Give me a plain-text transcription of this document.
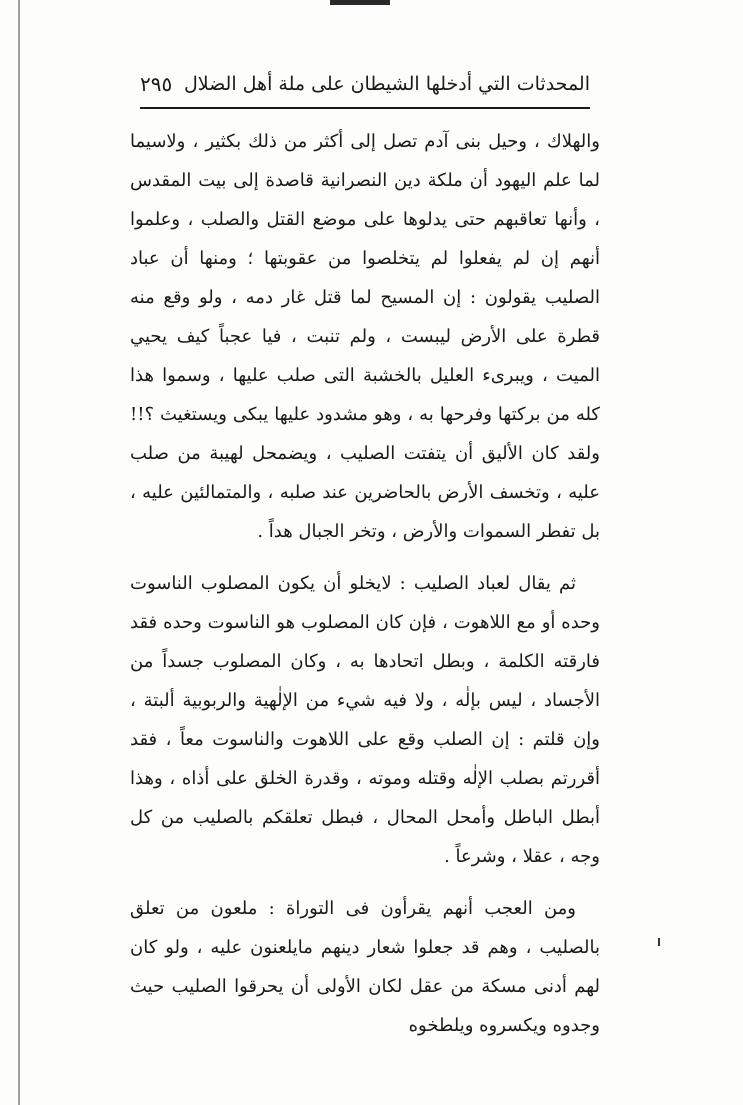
المحدثات التي أدخلها الشيطان على ملة أهل الضلال
٢٩٥

والهلاك ، وحيل بنى آدم تصل إلى أكثر من ذلك بكثير ، ولاسيما لما علم اليهود أن ملكة دين النصرانية قاصدة إلى بيت المقدس ، وأنها تعاقبهم حتى يدلوها على موضع القتل والصلب ، وعلموا أنهم إن لم يفعلوا لم يتخلصوا من عقوبتها ؛ ومنها أن عباد الصليب يقولون : إن المسيح لما قتل غار دمه ، ولو وقع منه قطرة على الأرض ليبست ، ولم تنبت ، فيا عجباً كيف يحيي الميت ، ويبرىء العليل بالخشبة التى صلب عليها ، وسموا هذا كله من بركتها وفرحها به ، وهو مشدود عليها يبكى ويستغيث ؟!! ولقد كان الأليق أن يتفتت الصليب ، ويضمحل لهيبة من صلب عليه ، وتخسف الأرض بالحاضرين عند صلبه ، والمتمالئين عليه ، بل تفطر السموات والأرض ، وتخر الجبال هداً .

ثم يقال لعباد الصليب : لايخلو أن يكون المصلوب الناسوت وحده أو مع اللاهوت ، فإن كان المصلوب هو الناسوت وحده فقد فارقته الكلمة ، وبطل اتحادها به ، وكان المصلوب جسداً من الأجساد ، ليس بإلٰه ، ولا فيه شيء من الإلٰهية والربوبية ألبتة ، وإن قلتم : إن الصلب وقع على اللاهوت والناسوت معاً ، فقد أقررتم بصلب الإلٰه وقتله وموته ، وقدرة الخلق على أذاه ، وهذا أبطل الباطل وأمحل المحال ، فبطل تعلقكم بالصليب من كل وجه ، عقلا ، وشرعاً .

ومن العجب أنهم يقرأون فى التوراة : ملعون من تعلق بالصليب ، وهم قد جعلوا شعار دينهم مايلعنون عليه ، ولو كان لهم أدنى مسكة من عقل لكان الأولى أن يحرقوا الصليب حيث وجدوه ويكسروه ويلطخوه
